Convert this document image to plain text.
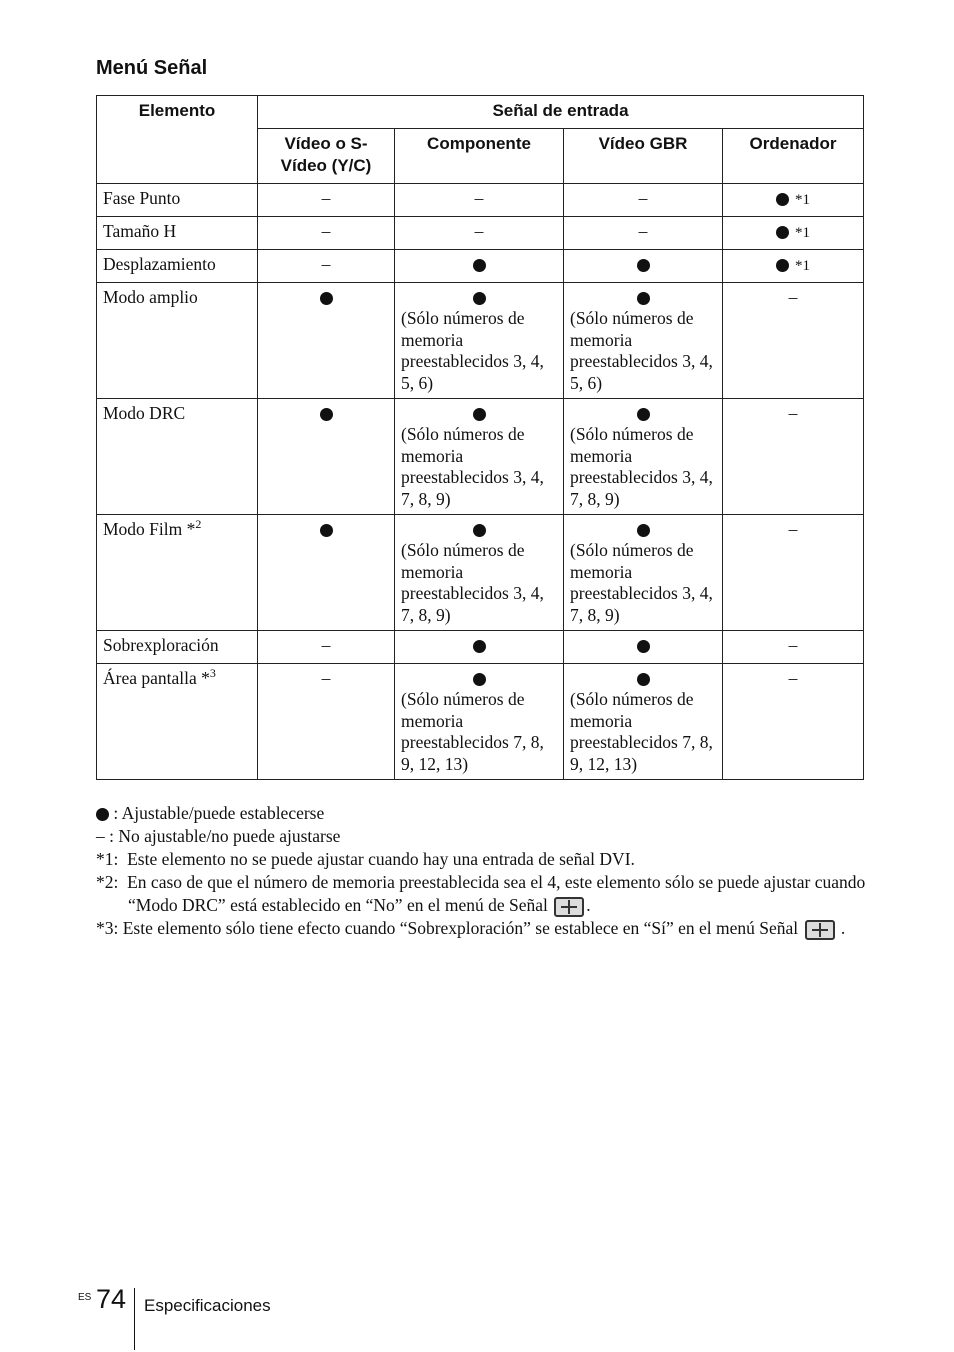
Menú Señal
Elemento	Señal de entrada			
	Vídeo o S-Vídeo (Y/C)	Componente	Vídeo GBR	Ordenador
Fase Punto	–	–	–	*1

Tamaño H	–	–	–	*1

Desplazamiento	–			*1

Modo amplio		(Sólo números de memoria preestablecidos 3, 4, 5, 6)	(Sólo números de memoria preestablecidos 3, 4, 5, 6)	–
Modo DRC		(Sólo números de memoria preestablecidos 3, 4, 7, 8, 9)	(Sólo números de memoria preestablecidos 3, 4, 7, 8, 9)	–
Modo Film *$^2$		(Sólo números de memoria preestablecidos 3, 4, 7, 8, 9)	(Sólo números de memoria preestablecidos 3, 4, 7, 8, 9)	–
Sobrexploración	–			–
Área pantalla *$^3$	–	(Sólo números de memoria preestablecidos 7, 8, 9, 12, 13)	(Sólo números de memoria preestablecidos 7, 8, 9, 12, 13)	–
: Ajustable/puede establecerse
– : No ajustable/no puede ajustarse
*1:  Este elemento no se puede ajustar cuando hay una entrada de señal DVI.
*2:  En caso de que el número de memoria preestablecida sea el 4, este elemento sólo se puede ajustar cuando “Modo DRC” está establecido en “No” en el menú de Señal .
*3: Este elemento sólo tiene efecto cuando “Sobrexploración” se establece en “Sí” en el menú Señal .
ES 74 Especificaciones
